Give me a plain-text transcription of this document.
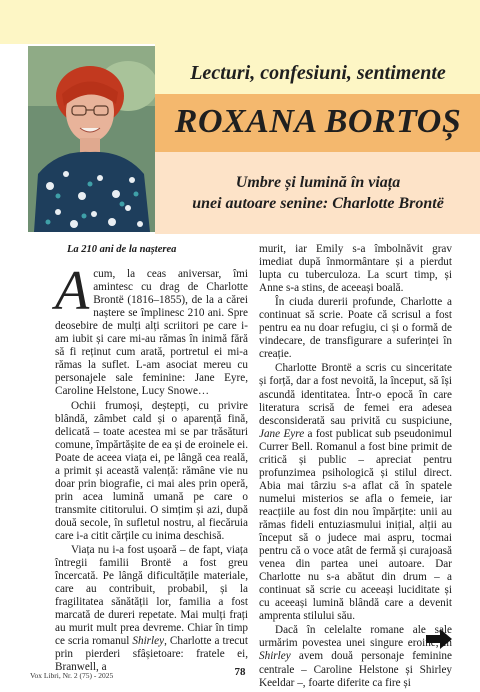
Lecturi, confesiuni, sentimente
ROXANA BORTOȘ
Umbre și lumină în viața
unei autoare senine: Charlotte Brontë

La 210 ani de la nașterea

Acum, la ceas aniversar, îmi amintesc cu drag de Charlotte Brontë (1816–1855), de la a cărei naștere se împlinesc 210 ani. Spre deosebire de mulți alți scriitori pe care i-am iubit și care mi-au rămas în inimă fără să fi reținut cum arată, portretul ei mi-a rămas la suflet. L-am asociat mereu cu personajele sale feminine: Jane Eyre, Caroline Helstone, Lucy Snowe…

Ochii frumoși, deștepți, cu privire blândă, zâmbet cald și o aparență fină, delicată – toate acestea mi se par trăsături comune, împărtășite de ea și de eroinele ei. Poate de aceea viața ei, pe lângă cea reală, a primit și această valență: rămâne vie nu doar prin biografie, ci mai ales prin operă, prin acea lumină umană pe care o transmite cititorului. O simțim și azi, după două secole, în sufletul nostru, al fiecăruia care i-a citit cărțile cu inima deschisă.

Viața nu i-a fost ușoară – de fapt, viața întregii familii Brontë a fost greu încercată. Pe lângă dificultățile materiale, care au contribuit, probabil, și la fragilitatea sănătății lor, familia a fost marcată de dureri repetate. Mai mulți frați au murit mult prea devreme. Chiar în timp ce scria romanul Shirley, Charlotte a trecut prin pierderi sfâșietoare: fratele ei, Branwell, a

murit, iar Emily s-a îmbolnăvit grav imediat după înmormântare și a pierdut lupta cu tuberculoza. La scurt timp, și Anne s-a stins, de aceeași boală.

În ciuda durerii profunde, Charlotte a continuat să scrie. Poate că scrisul a fost pentru ea nu doar refugiu, ci și o formă de vindecare, de transfigurare a suferinței în creație.

Charlotte Brontë a scris cu sinceritate și forță, dar a fost nevoită, la început, să își ascundă identitatea. Într-o epocă în care literatura scrisă de femei era adesea desconsiderată sau privită cu suspiciune, Jane Eyre a fost publicat sub pseudonimul Currer Bell. Romanul a fost bine primit de critică și public – apreciat pentru profunzimea psihologică și stilul direct. Abia mai târziu s-a aflat că în spatele numelui misterios se afla o femeie, iar reacțiile au fost din nou împărțite: unii au rămas fideli entuziasmului inițial, alții au început să o judece mai aspru, tocmai pentru că o voce atât de fermă și curajoasă venea din partea unei autoare. Dar Charlotte nu s-a abătut din drum – a continuat să scrie cu aceeași luciditate și cu aceeași lumină blândă care a devenit amprenta stilului său.

Dacă în celelalte romane ale sale urmărim povestea unei singure eroine, în Shirley avem două personaje feminine centrale – Caroline Helstone și Shirley Keeldar –, foarte diferite ca fire și

Vox Libri, Nr. 2 (75) - 2025	78
